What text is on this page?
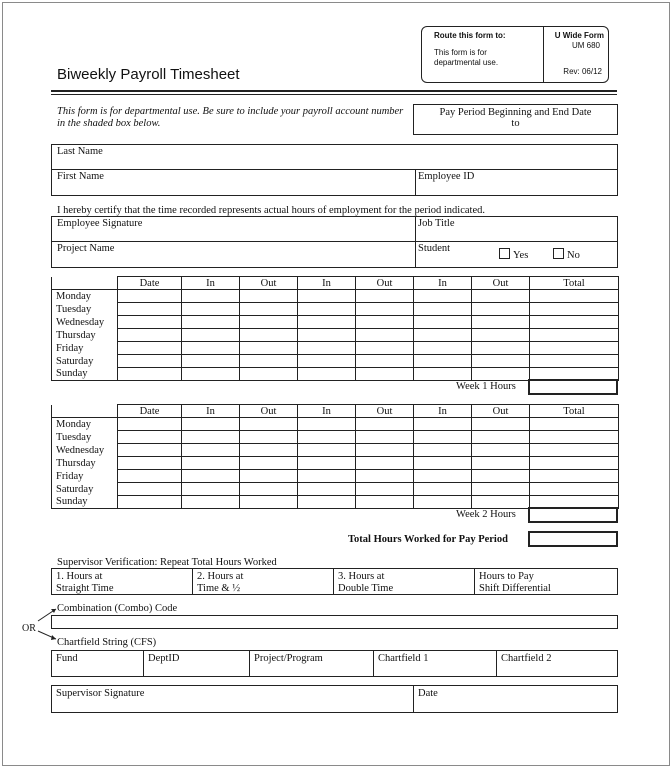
Route this form to:
This form is for departmental use.
U Wide Form
UM 680
Rev: 06/12
Biweekly Payroll Timesheet
This form is for departmental use. Be sure to include your payroll account number in the shaded box below.
Pay Period Beginning and End Date
to
Last Name
First Name	Employee ID
I hereby certify that the time recorded represents actual hours of employment for the period indicated.
Employee Signature	Job Title
Project Name	Student
Yes	No
	Date	In	Out	In	Out	In	Out	Total
Monday								
Tuesday								
Wednesday								
Thursday								
Friday								
Saturday								
Sunday								
Week 1 Hours
	Date	In	Out	In	Out	In	Out	Total
Monday								
Tuesday								
Wednesday								
Thursday								
Friday								
Saturday								
Sunday								
Week 2 Hours
Total Hours Worked for Pay Period
Supervisor Verification: Repeat Total Hours Worked
1. Hours at
Straight Time
2. Hours at
Time & ½
3. Hours at
Double Time
Hours to Pay
Shift Differential
Combination (Combo) Code
OR
Chartfield String (CFS)
Fund	DeptID	Project/Program	Chartfield 1	Chartfield 2
Supervisor Signature	Date
